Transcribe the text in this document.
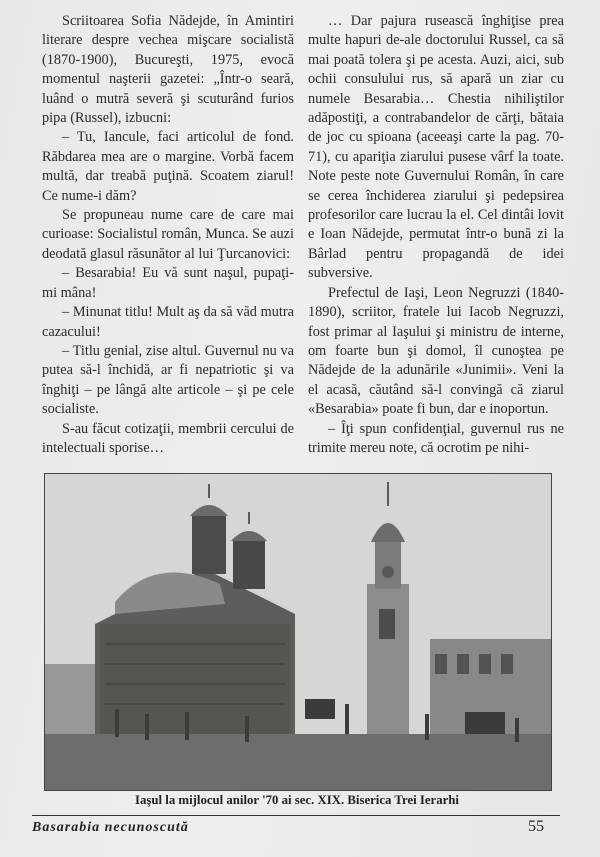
Scriitoarea Sofia Nădejde, în Amintiri literare despre vechea mişcare socialistă (1870-1900), Bucureşti, 1975, evocă momentul naşterii gazetei: „Într-o seară, luând o mutră severă şi scuturând furios pipa (Russel), izbucni:

– Tu, Iancule, faci articolul de fond. Răbdarea mea are o margine. Vorbă facem multă, dar treabă puţină. Scoatem ziarul! Ce nume-i dăm?

Se propuneau nume care de care mai curioase: Socialistul român, Munca. Se auzi deodată glasul răsunător al lui Ţurcanovici:

– Besarabia! Eu vă sunt naşul, pupaţi-mi mâna!

– Minunat titlu! Mult aş da să văd mutra cazacului!

– Titlu genial, zise altul. Guvernul nu va putea să-l închidă, ar fi nepatriotic şi va înghiţi – pe lângă alte articole – şi pe cele socialiste.

S-au făcut cotizaţii, membrii cercului de intelectuali sporise…

… Dar pajura rusească înghiţise prea multe hapuri de-ale doctorului Russel, ca să mai poată tolera şi pe acesta. Auzi, aici, sub ochii consulului rus, să apară un ziar cu numele Besarabia… Chestia nihiliştilor adăpostiţi, a contrabandelor de cărţi, bătaia de joc cu spioana (aceeaşi carte la pag. 70-71), cu apariţia ziarului pusese vârf la toate. Note peste note Guvernului Român, în care se cerea închiderea ziarului şi pedepsirea profesorilor care lucrau la el. Cel dintâi lovit e Ioan Nădejde, permutat într-o bună zi la Bârlad pentru propagandă de idei subversive.

Prefectul de Iaşi, Leon Negruzzi (1840-1890), scriitor, fratele lui Iacob Negruzzi, fost primar al Iaşului şi ministru de interne, om foarte bun şi domol, îl cunoştea pe Nădejde de la adunările «Junimii». Veni la el acasă, căutând să-l convingă că ziarul «Besarabia» poate fi bun, dar e inoportun.

– Îţi spun confidenţial, guvernul rus ne trimite mereu note, că ocrotim pe nihi-

Iaşul la mijlocul anilor '70 ai sec. XIX. Biserica Trei Ierarhi
Basarabia necunoscută	55
